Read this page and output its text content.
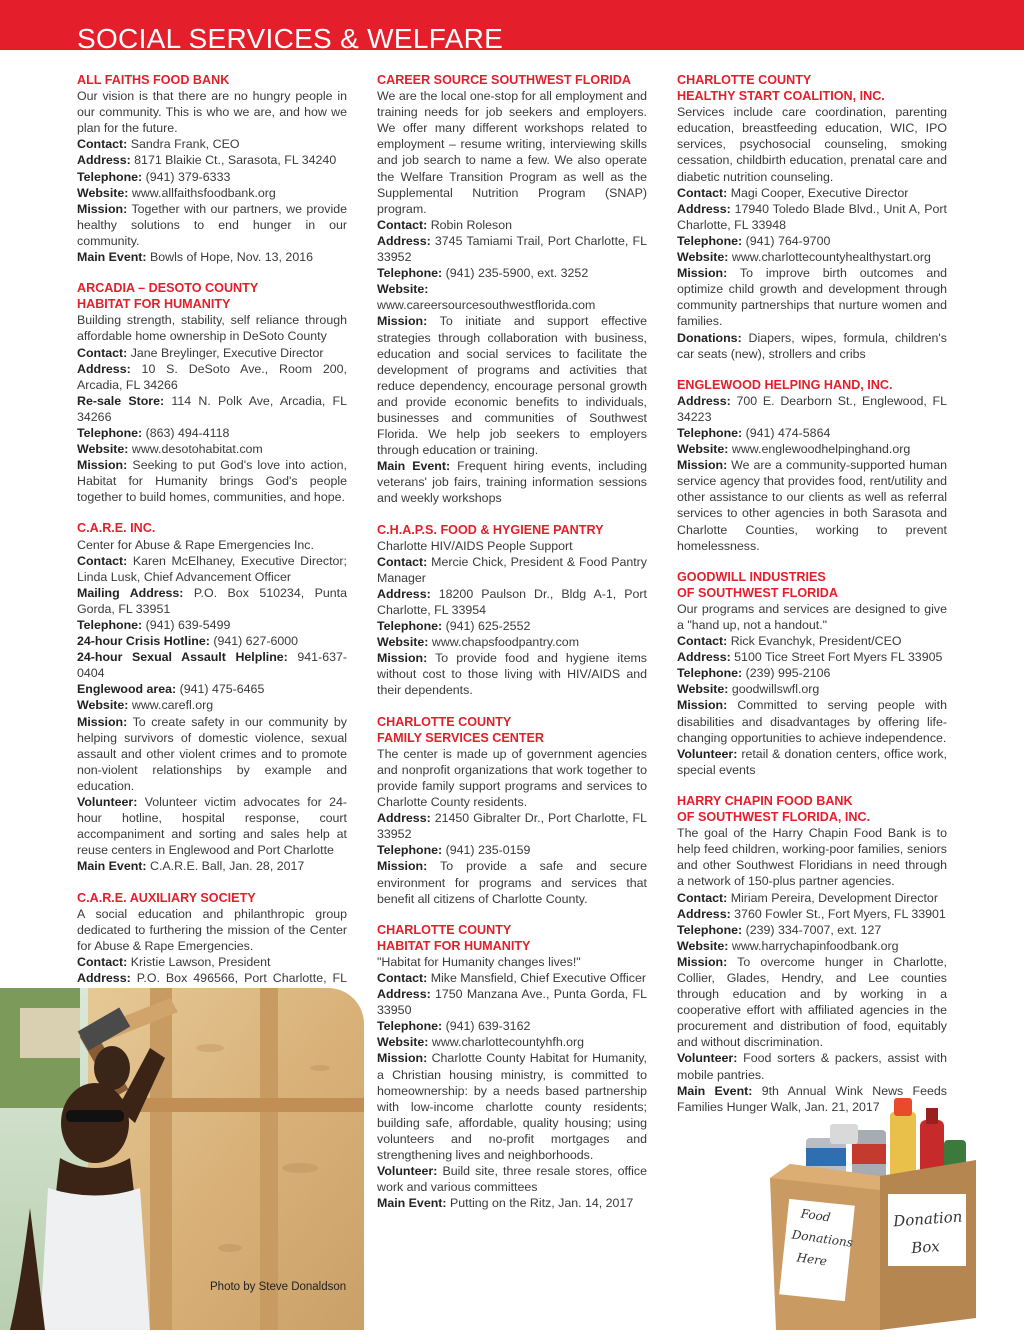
SOCIAL SERVICES & WELFARE
ALL FAITHS FOOD BANK

Our vision is that there are no hungry people in our community. This is who we are, and how we plan for the future.

Contact: Sandra Frank, CEO

Address: 8171 Blaikie Ct., Sarasota, FL 34240

Telephone: (941) 379-6333

Website: www.allfaithsfoodbank.org

Mission: Together with our partners, we provide healthy solutions to end hunger in our community.

Main Event: Bowls of Hope, Nov. 13, 2016

ARCADIA – DESOTO COUNTY
HABITAT FOR HUMANITY

Building strength, stability, self reliance through affordable home ownership in DeSoto County

Contact: Jane Breylinger, Executive Director

Address: 10 S. DeSoto Ave., Room 200, Arcadia, FL 34266

Re-sale Store: 114 N. Polk Ave, Arcadia, FL 34266

Telephone: (863) 494-4118

Website: www.desotohabitat.com

Mission: Seeking to put God's love into action, Habitat for Humanity brings God's people together to build homes, communities, and hope.

C.A.R.E. INC.

Center for Abuse & Rape Emergencies Inc.

Contact: Karen McElhaney, Executive Director; Linda Lusk, Chief Advancement Officer

Mailing Address: P.O. Box 510234, Punta Gorda, FL 33951

Telephone: (941) 639-5499

24-hour Crisis Hotline: (941) 627-6000

24-hour Sexual Assault Helpline: 941-637-0404

Englewood area: (941) 475-6465

Website: www.carefl.org

Mission: To create safety in our community by helping survivors of domestic violence, sexual assault and other violent crimes and to promote non-violent relationships by example and education.

Volunteer: Volunteer victim advocates for 24-hour hotline, hospital response, court accompaniment and sorting and sales help at reuse centers in Englewood and Port Charlotte

Main Event: C.A.R.E. Ball, Jan. 28, 2017

C.A.R.E. AUXILIARY SOCIETY

A social education and philanthropic group dedicated to furthering the mission of the Center for Abuse & Rape Emergencies.

Contact: Kristie Lawson, President

Address: P.O. Box 496566, Port Charlotte, FL

CAREER SOURCE SOUTHWEST FLORIDA

We are the local one-stop for all employment and training needs for job seekers and employers. We offer many different workshops related to employment – resume writing, interviewing skills and job search to name a few. We also operate the Welfare Transition Program as well as the Supplemental Nutrition Program (SNAP) program.

Contact: Robin Roleson

Address: 3745 Tamiami Trail, Port Charlotte, FL 33952

Telephone: (941) 235-5900, ext. 3252

Website: www.careersourcesouthwestflorida.com

Mission: To initiate and support effective strategies through collaboration with business, education and social services to facilitate the development of programs and activities that reduce dependency, encourage personal growth and provide economic benefits to individuals, businesses and communities of Southwest Florida. We help job seekers to employers through education or training.

Main Event: Frequent hiring events, including veterans' job fairs, training information sessions and weekly workshops

C.H.A.P.S. FOOD & HYGIENE PANTRY

Charlotte HIV/AIDS People Support

Contact: Mercie Chick, President & Food Pantry Manager

Address: 18200 Paulson Dr., Bldg A-1, Port Charlotte, FL 33954

Telephone: (941) 625-2552

Website: www.chapsfoodpantry.com

Mission: To provide food and hygiene items without cost to those living with HIV/AIDS and their dependents.

CHARLOTTE COUNTY
FAMILY SERVICES CENTER

The center is made up of government agencies and nonprofit organizations that work together to provide family support programs and services to Charlotte County residents.

Address: 21450 Gibralter Dr., Port Charlotte, FL 33952

Telephone: (941) 235-0159

Mission: To provide a safe and secure environment for programs and services that benefit all citizens of Charlotte County.

CHARLOTTE COUNTY
HABITAT FOR HUMANITY

"Habitat for Humanity changes lives!"

Contact: Mike Mansfield, Chief Executive Officer

Address: 1750 Manzana Ave., Punta Gorda, FL 33950

Telephone: (941) 639-3162

Website: www.charlottecountyhfh.org

Mission: Charlotte County Habitat for Humanity, a Christian housing ministry, is committed to homeownership: by a needs based partnership with low-income charlotte county residents; building safe, affordable, quality housing; using volunteers and no-profit mortgages and strengthening lives and neighborhoods.

Volunteer: Build site, three resale stores, office work and various committees

Main Event: Putting on the Ritz, Jan. 14, 2017

CHARLOTTE COUNTY
HEALTHY START COALITION, INC.

Services include care coordination, parenting education, breastfeeding education, WIC, IPO services, psychosocial counseling, smoking cessation, childbirth education, prenatal care and diabetic nutrition counseling.

Contact: Magi Cooper, Executive Director

Address: 17940 Toledo Blade Blvd., Unit A, Port Charlotte, FL 33948

Telephone: (941) 764-9700

Website: www.charlottecountyhealthystart.org

Mission: To improve birth outcomes and optimize child growth and development through community partnerships that nurture women and families.

Donations: Diapers, wipes, formula, children's car seats (new), strollers and cribs

ENGLEWOOD HELPING HAND, INC.

Address: 700 E. Dearborn St., Englewood, FL 34223

Telephone: (941) 474-5864

Website: www.englewoodhelpinghand.org

Mission: We are a community-supported human service agency that provides food, rent/utility and other assistance to our clients as well as referral services to other agencies in both Sarasota and Charlotte Counties, working to prevent homelessness.

GOODWILL INDUSTRIES
OF SOUTHWEST FLORIDA

Our programs and services are designed to give a "hand up, not a handout."

Contact: Rick Evanchyk, President/CEO

Address: 5100 Tice Street Fort Myers FL 33905

Telephone: (239) 995-2106

Website: goodwillswfl.org

Mission: Committed to serving people with disabilities and disadvantages by offering life-changing opportunities to achieve independence.

Volunteer: retail & donation centers, office work, special events

HARRY CHAPIN FOOD BANK
OF SOUTHWEST FLORIDA, INC.

The goal of the Harry Chapin Food Bank is to help feed children, working-poor families, seniors and other Southwest Floridians in need through a network of 150-plus partner agencies.

Contact: Miriam Pereira, Development Director

Address: 3760 Fowler St., Fort Myers, FL 33901

Telephone: (239) 334-7007, ext. 127

Website: www.harrychapinfoodbank.org

Mission: To overcome hunger in Charlotte, Collier, Glades, Hendry, and Lee counties through education and by working in a cooperative effort with affiliated agencies in the procurement and distribution of food, equitably and without discrimination.

Volunteer: Food sorters & packers, assist with mobile pantries.

Main Event: 9th Annual Wink News Feeds Families Hunger Walk, Jan. 21, 2017

Photo by Steve Donaldson
Food
Donations
Here
Donation
Box
